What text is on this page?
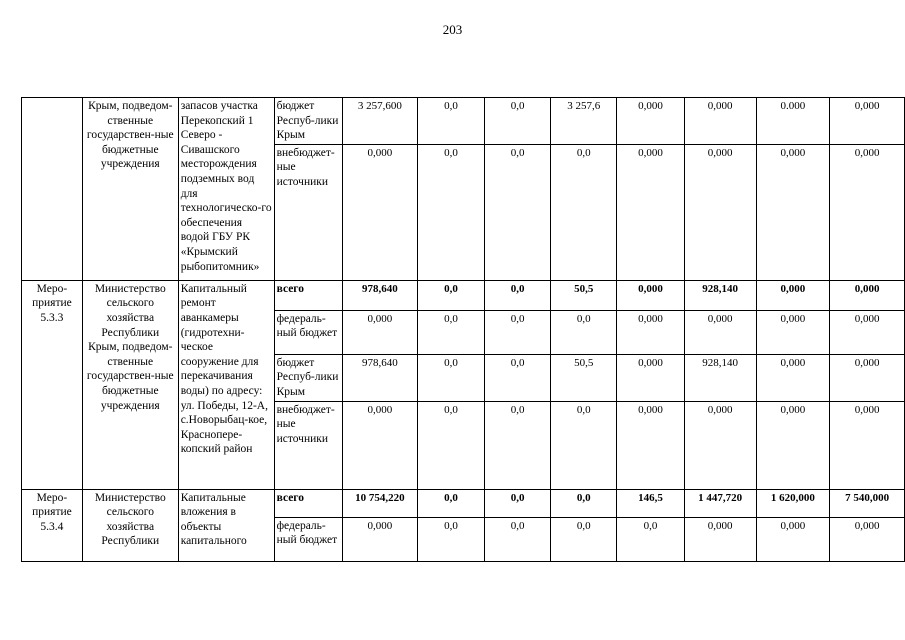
203
	Крым, подведом-ственные государствен-ные бюджетные учреждения	запасов участка Перекопский 1 Северо - Сивашского месторождения подземных вод для технологическо-го обеспечения водой ГБУ РК «Крымский рыбопитомник»	бюджет Респуб-лики Крым	3 257,600	0,0	0,0	3 257,6	0,000	0,000	0.000	0,000
			внебюджет-ные источники	0,000	0,0	0,0	0,0	0,000	0,000	0,000	0,000
Меро-приятие 5.3.3	Министерство сельского хозяйства Республики Крым, подведом-ственные государствен-ные бюджетные учреждения	Капитальный ремонт аванкамеры (гидротехни-ческое сооружение для перекачивания воды) по адресу: ул. Победы, 12-А, с.Новорыбац-кое, Красноперe-копский район	всего	978,640	0,0	0,0	50,5	0,000	928,140	0,000	0,000
			федераль-ный бюджет	0,000	0,0	0,0	0,0	0,000	0,000	0,000	0,000
			бюджет Респуб-лики Крым	978,640	0,0	0,0	50,5	0,000	928,140	0,000	0,000
			внебюджет-ные источники	0,000	0,0	0,0	0,0	0,000	0,000	0,000	0,000
Меро-приятие 5.3.4	Министерство сельского хозяйства Республики	Капитальные вложения в объекты капитального	всего	10 754,220	0,0	0,0	0,0	146,5	1 447,720	1 620,000	7 540,000
			федераль-ный бюджет	0,000	0,0	0,0	0,0	0,0	0,000	0,000	0,000
